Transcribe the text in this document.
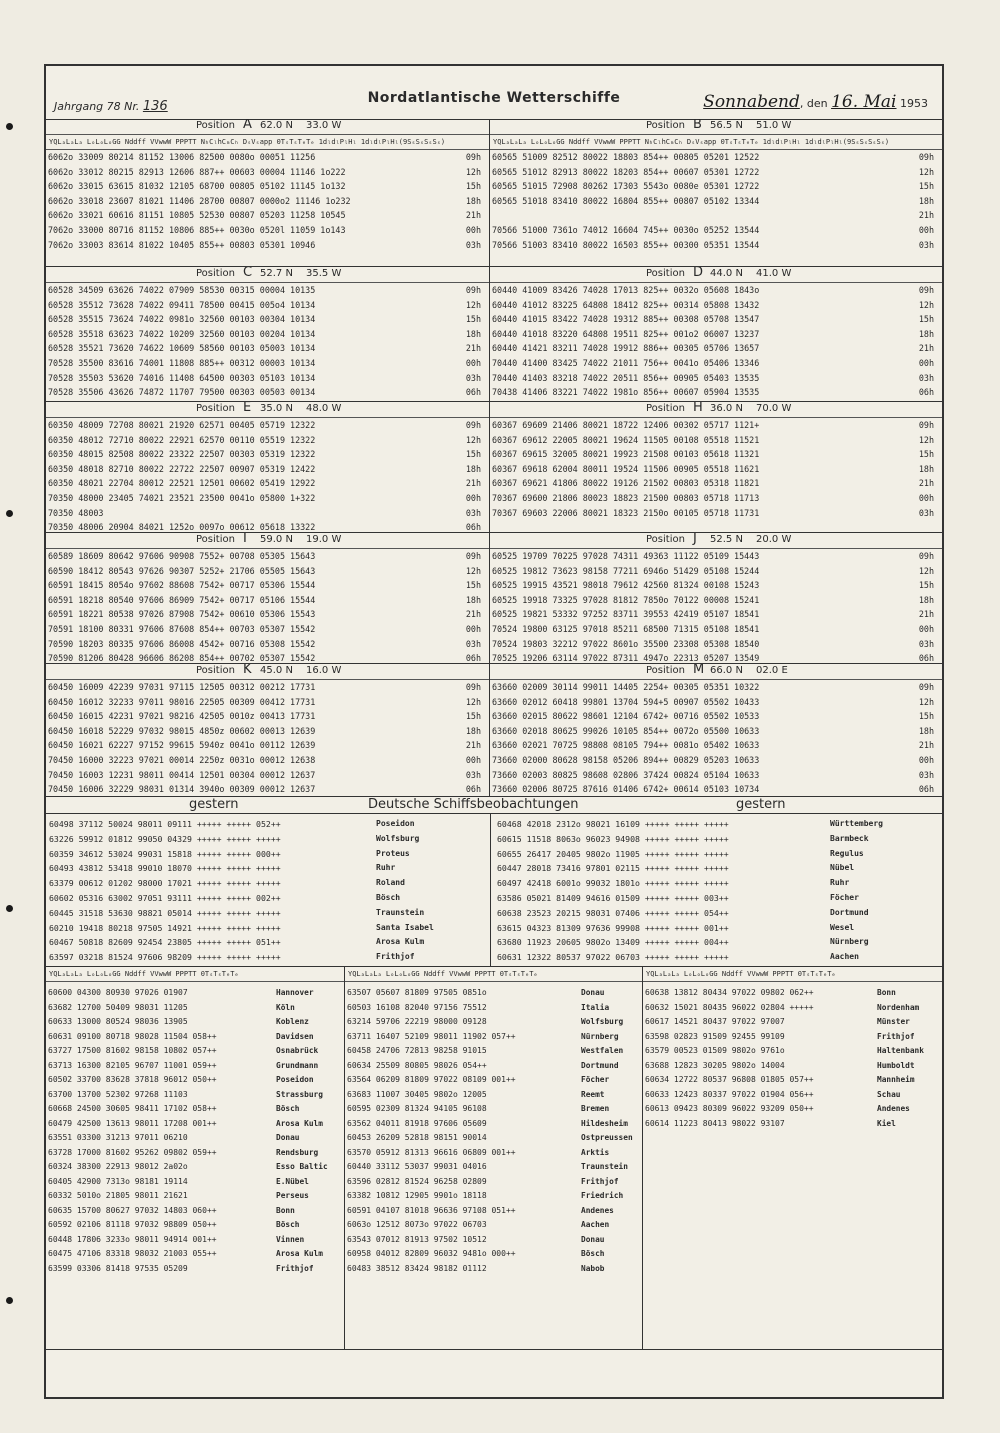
Nordatlantische Wetterschiffe
Jahrgang 78 Nr. 136	Sonnabend, den 16. Mai 1953
Position A 62.0 N 33.0 W
YQLₐLₐLₐ LₒLₒLₒGG Nddff VVwwW PPPTT NₕCₗhCₘCₕ DₛVₛapp 0TₛTₛTₑTₑ 1dₗdₗPₗHₗ 1dₗdₗPₗHₗ(9SₛSₛSₛSₛ)
6062o 33009 80214 81152 13006 82500 0080o 00051 11256	09h
6062o 33012 80215 82913 12606 887++ 00603 00004 11146 1o222	12h
6062o 33015 63615 81032 12105 68700 00805 05102 11145 1o132	15h
6062o 33018 23607 81021 11406 28700 00807 0000o2 11146 1o232	18h
6062o 33021 60616 81151 10805 52530 00807 05203 11258 10545	21h
7062o 33000 80716 81152 10806 885++ 0030o 0520l 11059 1o143	00h
7062o 33003 83614 81022 10405 855++ 00803 05301 10946	03h
Position B 56.5 N 51.0 W
YQLₐLₐLₐ LₒLₒLₒGG Nddff VVwwW PPPTT NₕCₗhCₘCₕ DₛVₛapp 0TₛTₛTₑTₑ 1dₗdₗPₗHₗ 1dₗdₗPₗHₗ(9SₛSₛSₛSₛ)
60565 51009 82512 80022 18803 854++ 00805 05201 12522	09h
60565 51012 82913 80022 18203 854++ 00607 05301 12722	12h
60565 51015 72908 80262 17303 5543o 0080e 05301 12722	15h
60565 51018 83410 80022 16804 855++ 00807 05102 13344	18h
21h
70566 51000 7361o 74012 16604 745++ 0030o 05252 13544	00h
70566 51003 83410 80022 16503 855++ 00300 05351 13544	03h
Position C 52.7 N 35.5 W
60528 34509 63626 74022 07909 58530 00315 00004 10135	09h
60528 35512 73628 74022 09411 78500 00415 005o4 10134	12h
60528 35515 73624 74022 0981o 32560 00103 00304 10134	15h
60528 35518 63623 74022 10209 32560 00103 00204 10134	18h
60528 35521 73620 74622 10609 58560 00103 05003 10134	21h
70528 35500 83616 74001 11808 885++ 00312 00003 10134	00h
70528 35503 53620 74016 11408 64500 00303 05103 10134	03h
70528 35506 43626 74872 11707 79500 00303 00503 00134	06h
Position D 44.0 N 41.0 W
60440 41009 83426 74028 17013 825++ 0032o 05608 1843o	09h
60440 41012 83225 64808 18412 825++ 00314 05808 13432	12h
60440 41015 83422 74028 19312 885++ 00308 05708 13547	15h
60440 41018 83220 64808 19511 825++ 001o2 06007 13237	18h
60440 41421 83211 74028 19912 886++ 00305 05706 13657	21h
70440 41400 83425 74022 21011 756++ 0041o 05406 13346	00h
70440 41403 83218 74022 20511 856++ 00905 05403 13535	03h
70438 41406 83221 74022 1981o 856++ 00607 05904 13535	06h
Position E 35.0 N 48.0 W
60350 48009 72708 80021 21920 62571 00405 05719 12322	09h
60350 48012 72710 80022 22921 62570 00110 05519 12322	12h
60350 48015 82508 80022 23322 22507 00303 05319 12322	15h
60350 48018 82710 80022 22722 22507 00907 05319 12422	18h
60350 48021 22704 80012 22521 12501 00602 05419 12922	21h
70350 48000 23405 74021 23521 23500 0041o 05800 1+322	00h
70350 48003	03h
70350 48006 20904 84021 1252o 0097o 00612 05618 13322	06h
Position I 59.0 N 19.0 W
60589 18609 80642 97606 90908 7552+ 00708 05305 15643	09h
60590 18412 80543 97626 90307 5252+ 21706 05505 15643	12h
60591 18415 8054o 97602 88608 7542+ 00717 05306 15544	15h
60591 18218 80540 97606 86909 7542+ 00717 05106 15544	18h
60591 18221 80538 97026 87908 7542+ 00610 05306 15543	21h
70591 18100 80331 97606 87608 854++ 00703 05307 15542	00h
70590 18203 80335 97606 86008 4542+ 00716 05308 15542	03h
70590 81206 80428 96606 86208 854++ 00702 05307 15542	06h
Position K 45.0 N 16.0 W
60450 16009 42239 97031 97115 12505 00312 00212 17731	09h
60450 16012 32233 97011 98016 22505 00309 00412 17731	12h
60450 16015 42231 97021 98216 42505 0010z 00413 17731	15h
60450 16018 52229 97032 98015 4850z 00602 00013 12639	18h
60450 16021 62227 97152 99615 5940z 0041o 00112 12639	21h
70450 16000 32223 97021 00014 2250z 0031o 00012 12638	00h
70450 16003 12231 98011 00414 12501 00304 00012 12637	03h
70450 16006 32229 98031 01314 3940o 00309 00012 12637	06h
Position H 36.0 N 70.0 W
60367 69609 21406 80021 18722 12406 00302 05717 1121+	09h
60367 69612 22005 80021 19624 11505 00108 05518 11521	12h
60367 69615 32005 80021 19923 21508 00103 05618 11321	15h
60367 69618 62004 80011 19524 11506 00905 05518 11621	18h
60367 69621 41806 80022 19126 21502 00803 05318 11821	21h
70367 69600 21806 80023 18823 21500 00803 05718 11713	00h
70367 69603 22006 80021 18323 2150o 00105 05718 11731	03h
Position J 52.5 N 20.0 W
60525 19709 70225 97028 74311 49363 11122 05109 15443	09h
60525 19812 73623 98158 77211 6946o 51429 05108 15244	12h
60525 19915 43521 98018 79612 42560 81324 00108 15243	15h
60525 19918 73325 97028 81812 7850o 70122 00008 15241	18h
60525 19821 53332 97252 83711 39553 42419 05107 18541	21h
70524 19800 63125 97018 85211 68500 71315 05108 18541	00h
70524 19803 32212 97022 8601o 35500 23308 05308 18540	03h
70525 19206 63114 97022 87311 4947o 22313 05207 13549	06h
Position M 66.0 N 02.0 E
63660 02009 30114 99011 14405 2254+ 00305 05351 10322	09h
63660 02012 60418 99801 13704 594+5 00907 05502 10433	12h
63660 02015 80622 98601 12104 6742+ 00716 05502 10533	15h
63660 02018 80625 99026 10105 854++ 0072o 05500 10633	18h
63660 02021 70725 98808 08105 794++ 0081o 05402 10633	21h
73660 02000 80628 98158 05206 894++ 00829 05203 10633	00h
73660 02003 80825 98608 02806 37424 00824 05104 10633	03h
73660 02006 80725 87616 01406 6742+ 00614 05103 10734	06h
gestern	Deutsche Schiffsbeobachtungen	gestern
60498 37112 50024 98011 09111 +++++ +++++ 052++	Poseidon
63226 59912 01812 99050 04329 +++++ +++++ +++++	Wolfsburg
60359 34612 53024 99031 15818 +++++ +++++ 000++	Proteus
60493 43812 53418 99010 18070 +++++ +++++ +++++	Ruhr
63379 00612 01202 98000 17021 +++++ +++++ +++++	Roland
60602 05316 63002 97051 93111 +++++ +++++ 002++	Bösch
60445 31518 53630 98821 05014 +++++ +++++ +++++	Traunstein
60210 19418 80218 97505 14921 +++++ +++++ +++++	Santa Isabel
60467 50818 82609 92454 23805 +++++ +++++ 051++	Arosa Kulm
63597 03218 81524 97606 98209 +++++ +++++ +++++	Frithjof
60468 42018 2312o 98021 16109 +++++ +++++ +++++	Württemberg
60615 11518 8063o 96023 94908 +++++ +++++ +++++	Barmbeck
60655 26417 20405 9802o 11905 +++++ +++++ +++++	Regulus
60447 28018 73416 97801 02115 +++++ +++++ +++++	Nübel
60497 42418 6001o 99032 1801o +++++ +++++ +++++	Ruhr
63586 05021 81409 94616 01509 +++++ +++++ 003++	Föcher
60638 23523 20215 98031 07406 +++++ +++++ 054++	Dortmund
63615 04323 81309 97636 99908 +++++ +++++ 001++	Wesel
63680 11923 20605 9802o 13409 +++++ +++++ 004++	Nürnberg
60631 12322 80537 97022 06703 +++++ +++++ +++++	Aachen
YQLₐLₐLₐ LₒLₒLₒGG Nddff VVwwW PPPTT 0TₛTₛTₑTₑ
60600 04300 80930 97026 01907	Hannover
63682 12700 50409 98031 11205	Köln
60633 13000 80524 98036 13905	Koblenz
60631 09100 80718 98028 11504 058++	Davidsen
63727 17500 81602 98158 10802 057++	Osnabrück
63713 16300 82105 96707 11001 059++	Grundmann
60502 33700 83628 37818 96012 050++	Poseidon
63700 13700 52302 97268 11103	Strassburg
60668 24500 30605 98411 17102 058++	Bösch
60479 42500 13613 98011 17208 001++	Arosa Kulm
63551 03300 31213 97011 06210	Donau
63728 17000 81602 95262 09802 059++	Rendsburg
60324 38300 22913 98012 2a02o	Esso Baltic
60405 42900 7313o 98181 19114	E.Nübel
60332 5010o 21805 98011 21621	Perseus
60635 15700 80627 97032 14803 060++	Bonn
60592 02106 81118 97032 98809 050++	Bösch
60448 17806 3233o 98011 94914 001++	Vinnen
60475 47106 83318 98032 21003 055++	Arosa Kulm
63599 03306 81418 97535 05209	Frithjof
YQLₐLₐLₐ LₒLₒLₒGG Nddff VVwwW PPPTT 0TₛTₛTₑTₑ
63507 05607 81809 97505 0851o	Donau
60503 16108 82040 97156 75512	Italia
63214 59706 22219 98000 09128	Wolfsburg
63711 16407 52109 98011 11902 057++	Nürnberg
60458 24706 72813 98258 91015	Westfalen
60634 25509 80805 98026 054++	Dortmund
63564 06209 81809 97022 08109 001++	Föcher
63683 11007 30405 9802o 12005	Reemt
60595 02309 81324 94105 96108	Bremen
63562 04011 81918 97606 05609	Hildesheim
60453 26209 52818 98151 90014	Ostpreussen
63570 05912 81313 96616 06809 001++	Arktis
60440 33112 53037 99031 04016	Traunstein
63596 02812 81524 96258 02809	Frithjof
63382 10812 12905 9901o 18118	Friedrich
60591 04107 81018 96636 97108 051++	Andenes
6063o 12512 8073o 97022 06703	Aachen
63543 07012 81913 97502 10512	Donau
60958 04012 82809 96032 9481o 000++	Bösch
60483 38512 83424 98182 01112	Nabob
YQLₐLₐLₐ LₒLₒLₒGG Nddff VVwwW PPPTT 0TₛTₛTₑTₑ
60638 13812 80434 97022 09802 062++	Bonn
60632 15021 80435 96022 02804 +++++	Nordenham
60617 14521 80437 97022 97007	Münster
63598 02823 91509 92455 99109	Frithjof
63579 00523 01509 9802o 9761o	Haltenbank
63688 12823 30205 9802o 14004	Humboldt
60634 12722 80537 96808 01805 057++	Mannheim
60633 12423 80337 97022 01904 056++	Schau
60613 09423 80309 96022 93209 050++	Andenes
60614 11223 80413 98022 93107	Kiel
